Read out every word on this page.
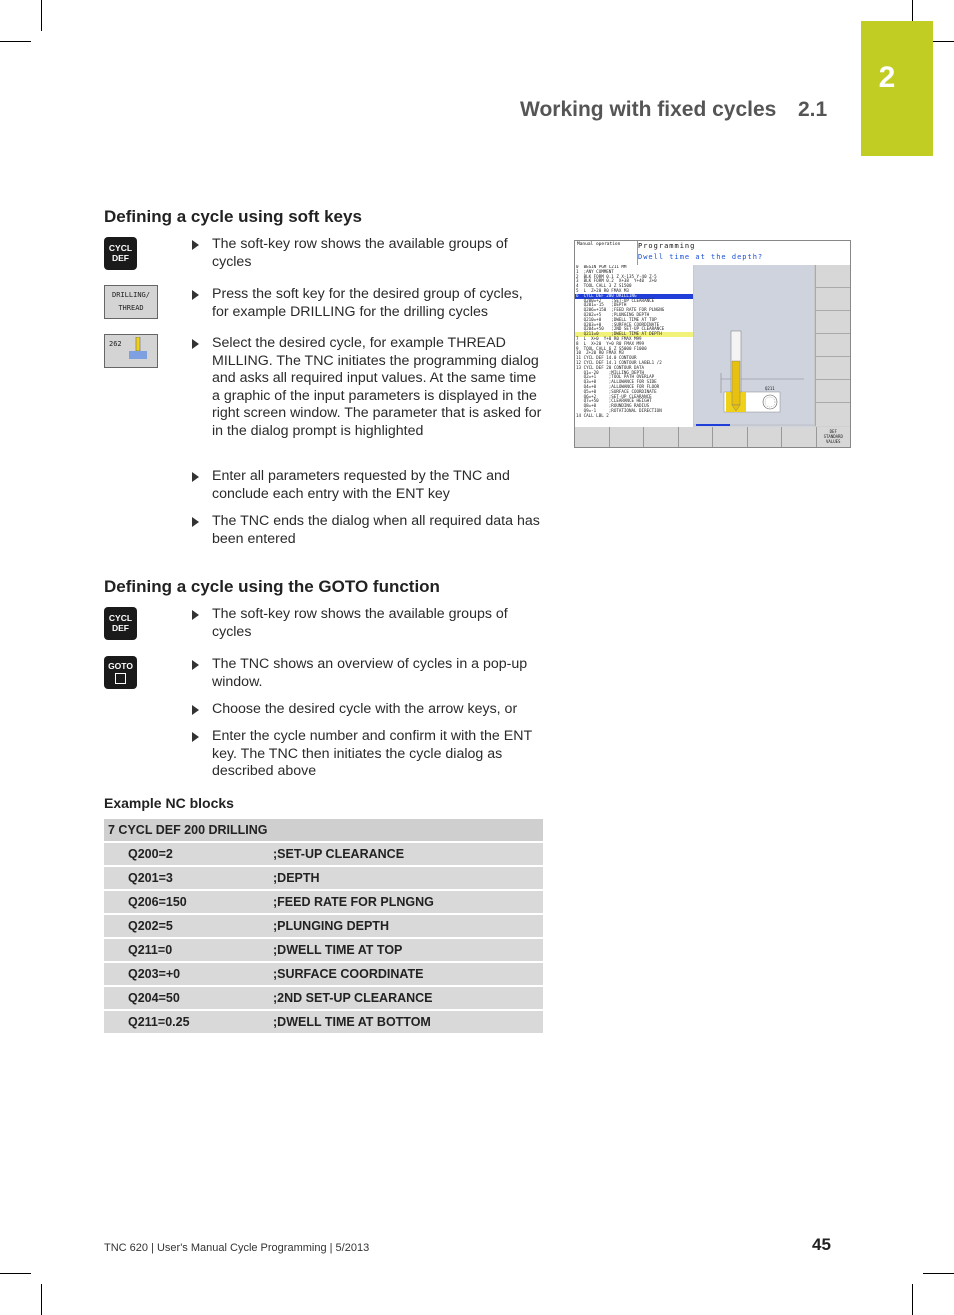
2
Working with fixed cycles 2.1
Defining a cycle using soft keys
CYCL
DEF
DRILLING/
THREAD
262
The soft-key row shows the available groups of cycles
Press the soft key for the desired group of cycles, for example DRILLING for the drilling cycles
Select the desired cycle, for example THREAD MILLING. The TNC initiates the programming dialog and asks all required input values. At the same time a graphic of the input parameters is displayed in the right screen window. The parameter that is asked for in the dialog prompt is highlighted
Enter all parameters requested by the TNC and conclude each entry with the ENT key
The TNC ends the dialog when all required data has been entered
Defining a cycle using the GOTO function
CYCL
DEF
GOTO
The soft-key row shows the available groups of cycles
The TNC shows an overview of cycles in a pop-up window.
Choose the desired cycle with the arrow keys, or
Enter the cycle number and confirm it with the ENT key. The TNC then initiates the cycle dialog as described above
Example NC blocks
7 CYCL DEF 200 DRILLING
Q200=2	;SET-UP CLEARANCE
Q201=3	;DEPTH
Q206=150	;FEED RATE FOR PLNGNG
Q202=5	;PLUNGING DEPTH
Q211=0	;DWELL TIME AT TOP
Q203=+0	;SURFACE COORDINATE
Q204=50	;2ND SET-UP CLEARANCE
Q211=0.25	;DWELL TIME AT BOTTOM
Manual operation	Programming
Dwell time at the depth?
0  BEGIN PGM C211 MM
1  ;ANY COMMENT
2  BLK FORM 0.1 Z X-135 Y-40 Z-5
3  BLK FORM 0.2  X+38  Y+40  Z+0
4  TOOL CALL 3 Z S1500
5  L  Z+20 R0 FMAX M3
6  CYCL DEF 200 DRILLING
Q200=+2    ;SET-UP CLEARANCE
Q201=-15   ;DEPTH
Q206=+150  ;FEED RATE FOR PLNGNG
Q202=+5    ;PLUNGING DEPTH
Q210=+0    ;DWELL TIME AT TOP
Q203=+0    ;SURFACE COORDINATE
Q204=+50   ;2ND SET-UP CLEARANCE
Q211=0     ;DWELL TIME AT DEPTH
7  L  X+0  Y+0 R0 FMAX M99
8  L  X+20  Y+0 R0 FMAX M99
9  TOOL CALL 6 Z S5000 F1000
10  Z+20 R0 FMAX M3
11 CYCL DEF 14.0 CONTOUR
12 CYCL DEF 14.1 CONTOUR LABEL1 /2
13 CYCL DEF 20 CONTOUR DATA
Q1=-20    ;MILLING DEPTH
Q2=+1     ;TOOL PATH OVERLAP
Q3=+0     ;ALLOWANCE FOR SIDE
Q4=+0     ;ALLOWANCE FOR FLOOR
Q5=+0     ;SURFACE COORDINATE
Q6=+2     ;SET-UP CLEARANCE
Q7=+50    ;CLEARANCE HEIGHT
Q8=+0     ;ROUNDING RADIUS
Q9=-1     ;ROTATIONAL DIRECTION
14 CALL LBL 2
Q211
DEF
STANDARD
VALUES
TNC 620 | User's Manual Cycle Programming | 5/2013	45
